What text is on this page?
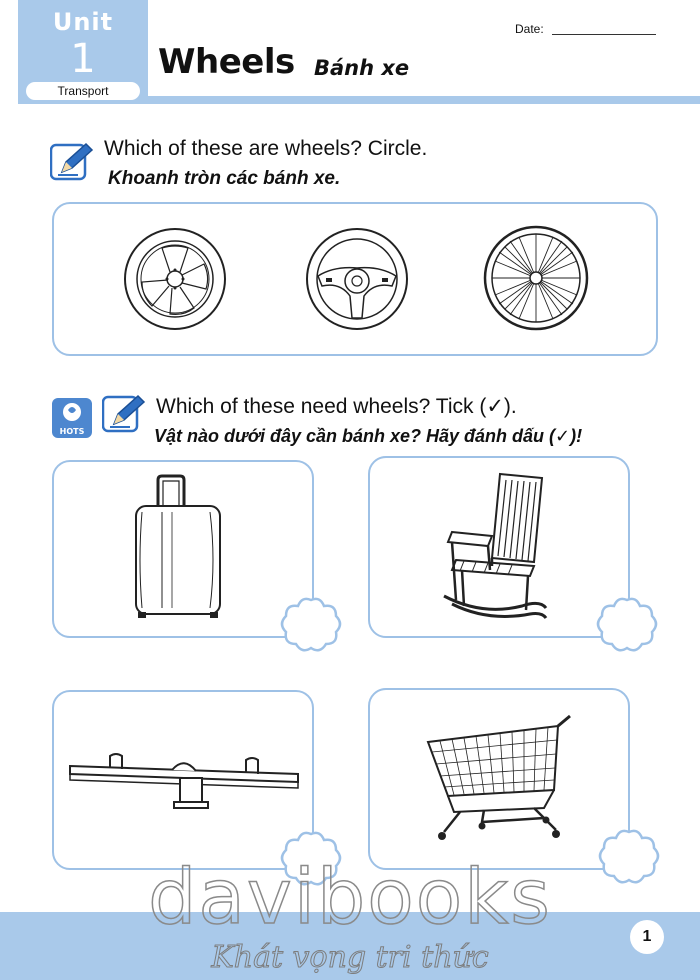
Unit
1
Transport
Wheels Bánh xe
Date:
Which of these are wheels? Circle.
Khoanh tròn các bánh xe.
HOTS
Which of these need wheels? Tick (✓).
Vật nào dưới đây cần bánh xe? Hãy đánh dấu (✓)!
davibooks
Khát vọng tri thức
1
